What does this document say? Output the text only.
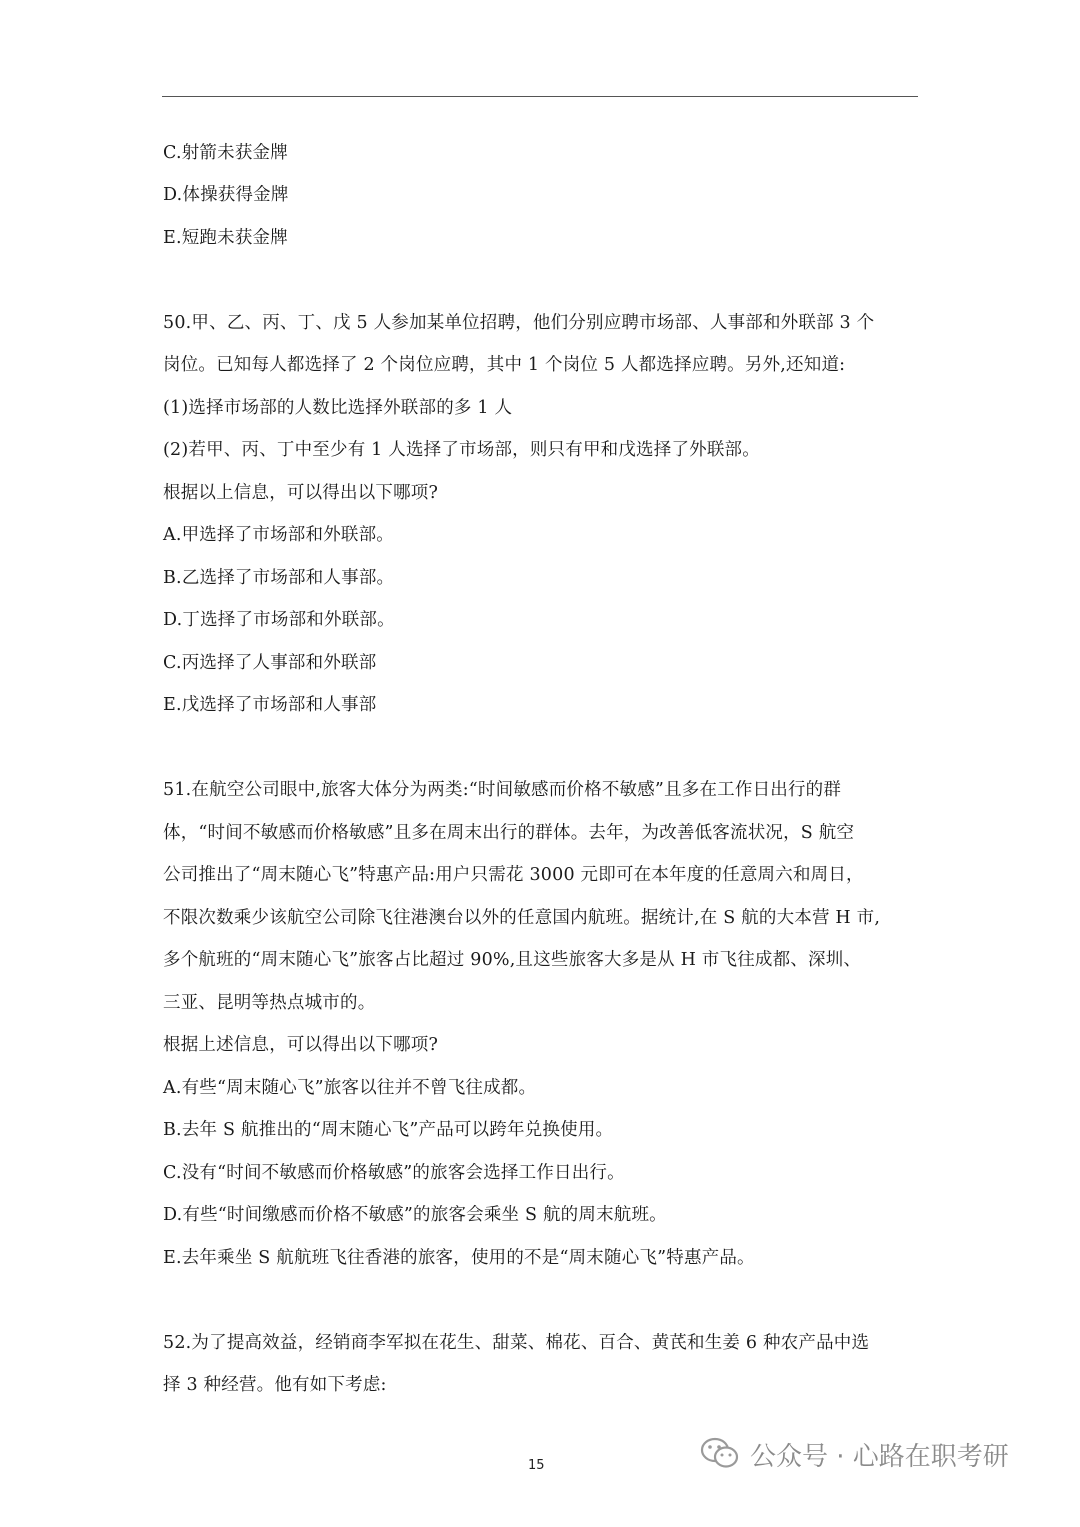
C.射箭未获金牌
D.体操获得金牌
E.短跑未获金牌
50.甲、乙、丙、丁、戊 5 人参加某单位招聘，他们分别应聘市场部、人事部和外联部 3 个
岗位。已知每人都选择了 2 个岗位应聘，其中 1 个岗位 5 人都选择应聘。另外,还知道:
(1)选择市场部的人数比选择外联部的多 1 人
(2)若甲、丙、丁中至少有 1 人选择了市场部，则只有甲和戊选择了外联部。
根据以上信息，可以得出以下哪项?
A.甲选择了市场部和外联部。
B.乙选择了市场部和人事部。
D.丁选择了市场部和外联部。
C.丙选择了人事部和外联部
E.戊选择了市场部和人事部
51.在航空公司眼中,旅客大体分为两类:“时间敏感而价格不敏感”且多在工作日出行的群
体，“时间不敏感而价格敏感”且多在周末出行的群体。去年，为改善低客流状况，S 航空
公司推出了“周末随心飞”特惠产品:用户只需花 3000 元即可在本年度的任意周六和周日，
不限次数乘少该航空公司除飞往港澳台以外的任意国内航班。据统计,在 S 航的大本营 H 市,
多个航班的“周末随心飞”旅客占比超过 90%,且这些旅客大多是从 H 市飞往成都、深圳、
三亚、昆明等热点城市的。
根据上述信息，可以得出以下哪项?
A.有些“周末随心飞”旅客以往并不曾飞往成都。
B.去年 S 航推出的“周末随心飞”产品可以跨年兑换使用。
C.没有“时间不敏感而价格敏感”的旅客会选择工作日出行。
D.有些“时间缴感而价格不敏感”的旅客会乘坐 S 航的周末航班。
E.去年乘坐 S 航航班飞往香港的旅客，使用的不是“周末随心飞”特惠产品。
52.为了提高效益，经销商李军拟在花生、甜菜、棉花、百合、黄芪和生姜 6 种农产品中选
择 3 种经营。他有如下考虑:
15	公众号 · 心路在职考研
